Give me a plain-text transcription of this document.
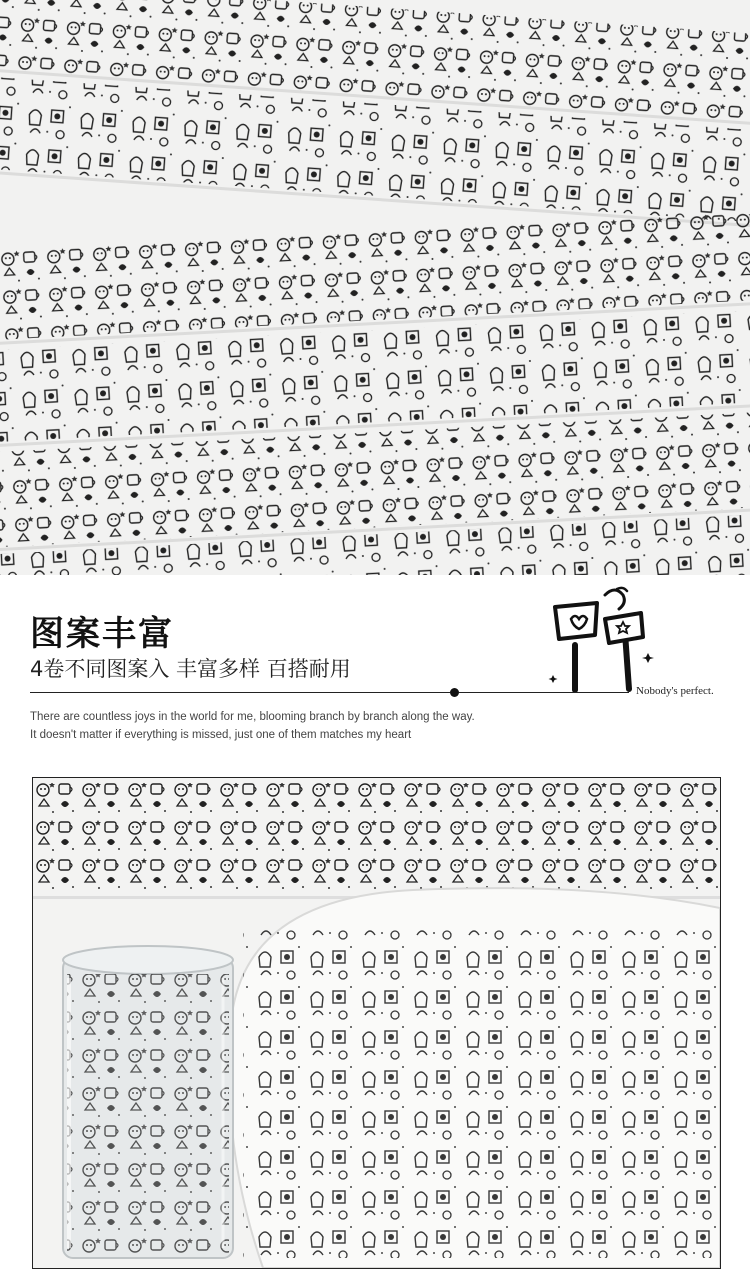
图案丰富
4卷不同图案入 丰富多样 百搭耐用
Nobody's perfect.
There are countless joys in the world for me, blooming branch by branch along the way.
It doesn't matter if everything is missed, just one of them matches my heart
